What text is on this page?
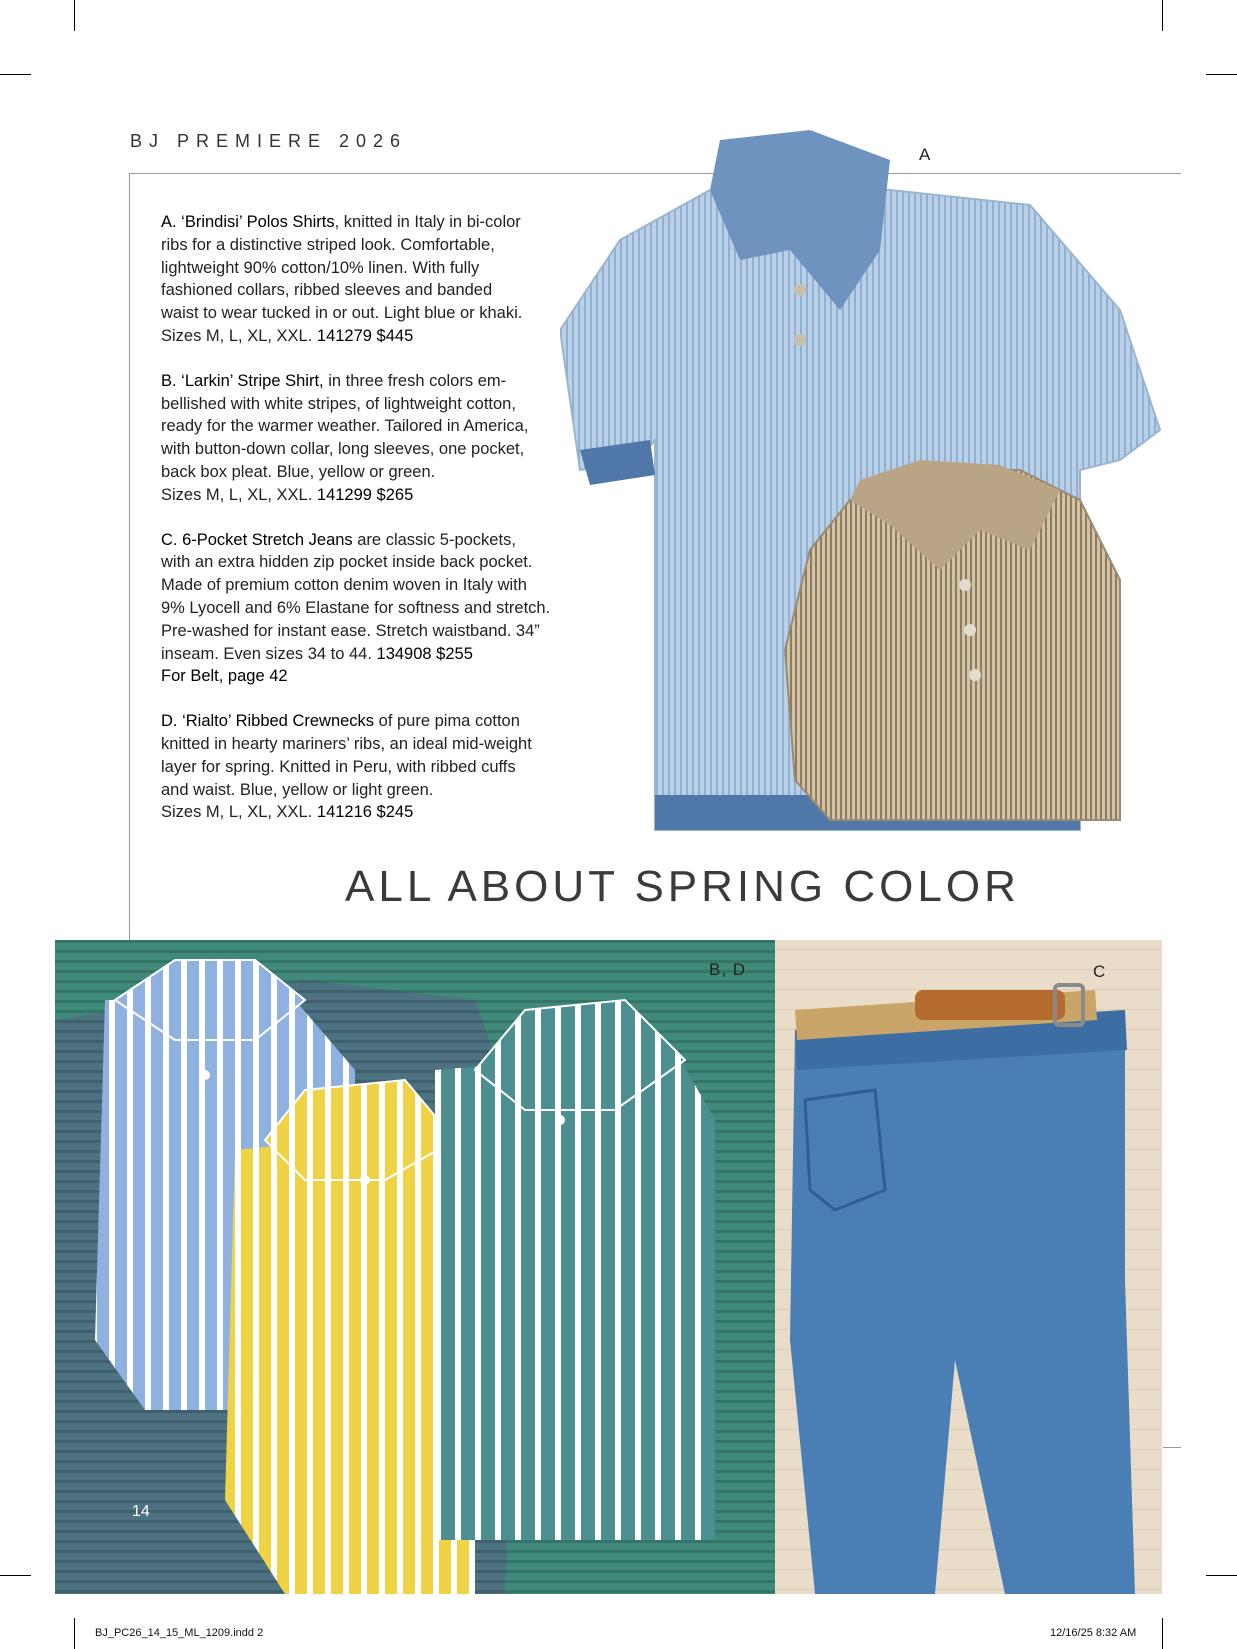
BJ PREMIERE 2026

A. ‘Brindisi’ Polos Shirts, knitted in Italy in bi-color
ribs for a distinctive striped look. Comfortable,
lightweight 90% cotton/10% linen. With fully
fashioned collars, ribbed sleeves and banded
waist to wear tucked in or out. Light blue or khaki.
Sizes M, L, XL, XXL. 141279 $445

B. ‘Larkin’ Stripe Shirt, in three fresh colors em-
bellished with white stripes, of lightweight cotton,
ready for the warmer weather. Tailored in America,
with button-down collar, long sleeves, one pocket,
back box pleat. Blue, yellow or green.
Sizes M, L, XL, XXL. 141299 $265

C. 6-Pocket Stretch Jeans are classic 5-pockets,
with an extra hidden zip pocket inside back pocket.
Made of premium cotton denim woven in Italy with
9% Lyocell and 6% Elastane for softness and stretch.
Pre-washed for instant ease. Stretch waistband. 34”
inseam. Even sizes 34 to 44. 134908 $255
For Belt, page 42

D. ‘Rialto’ Ribbed Crewnecks of pure pima cotton
knitted in hearty mariners’ ribs, an ideal mid-weight
layer for spring. Knitted in Peru, with ribbed cuffs
and waist. Blue, yellow or light green.
Sizes M, L, XL, XXL. 141216 $245

A
ALL ABOUT SPRING COLOR
B, D
14
C
BJ_PC26_14_15_ML_1209.indd 2	12/16/25 8:32 AM
